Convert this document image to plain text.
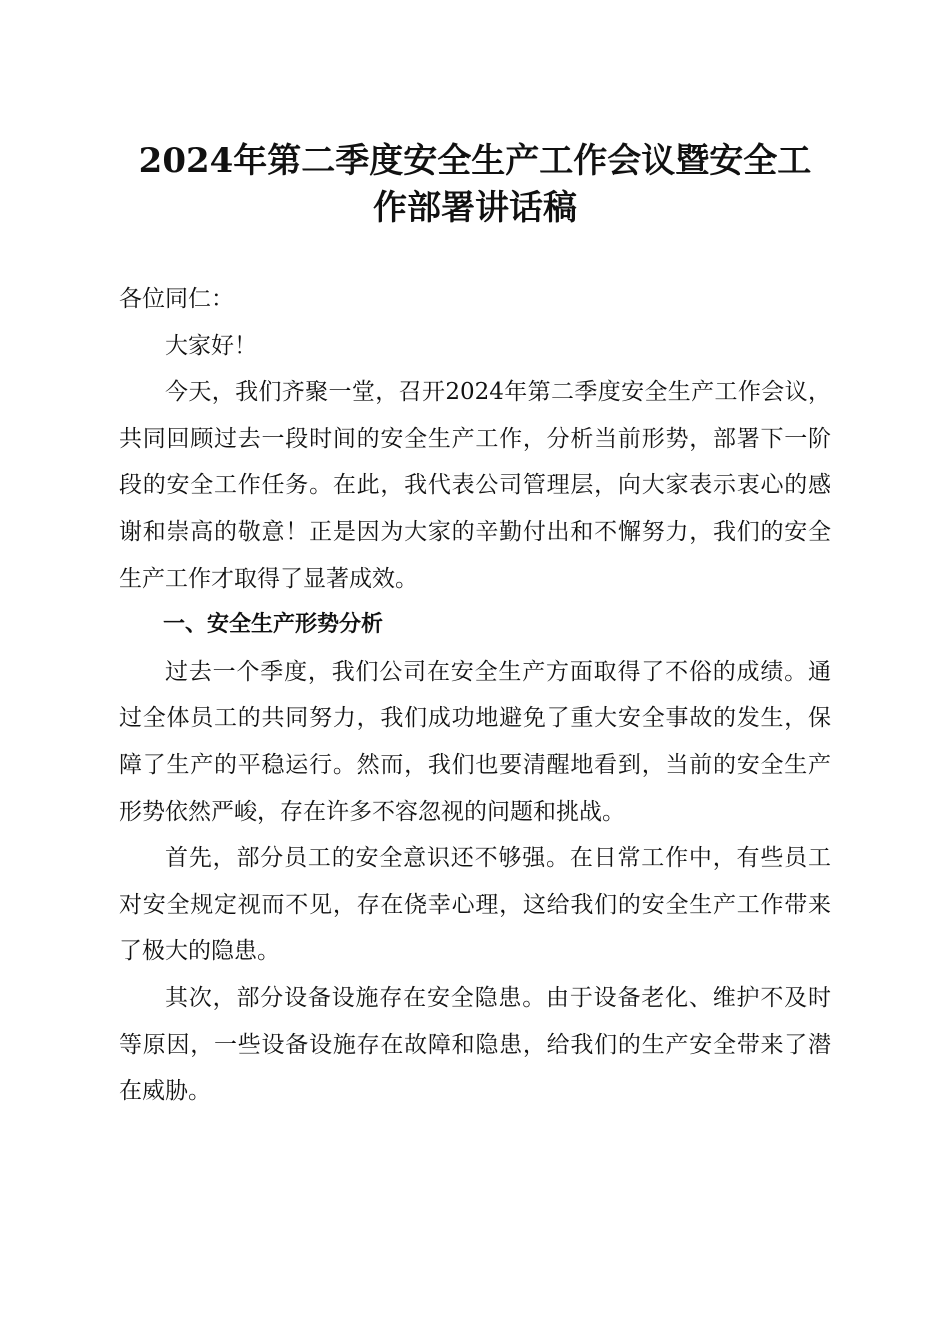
2024年第二季度安全生产工作会议暨安全工
作部署讲话稿

各位同仁：

大家好！

今天，我们齐聚一堂，召开2024年第二季度安全生产工作会议，共同回顾过去一段时间的安全生产工作，分析当前形势，部署下一阶段的安全工作任务。在此，我代表公司管理层，向大家表示衷心的感谢和崇高的敬意！正是因为大家的辛勤付出和不懈努力，我们的安全生产工作才取得了显著成效。

一、安全生产形势分析

过去一个季度，我们公司在安全生产方面取得了不俗的成绩。通过全体员工的共同努力，我们成功地避免了重大安全事故的发生，保障了生产的平稳运行。然而，我们也要清醒地看到，当前的安全生产形势依然严峻，存在许多不容忽视的问题和挑战。

首先，部分员工的安全意识还不够强。在日常工作中，有些员工对安全规定视而不见，存在侥幸心理，这给我们的安全生产工作带来了极大的隐患。

其次，部分设备设施存在安全隐患。由于设备老化、维护不及时等原因，一些设备设施存在故障和隐患，给我们的生产安全带来了潜在威胁。
